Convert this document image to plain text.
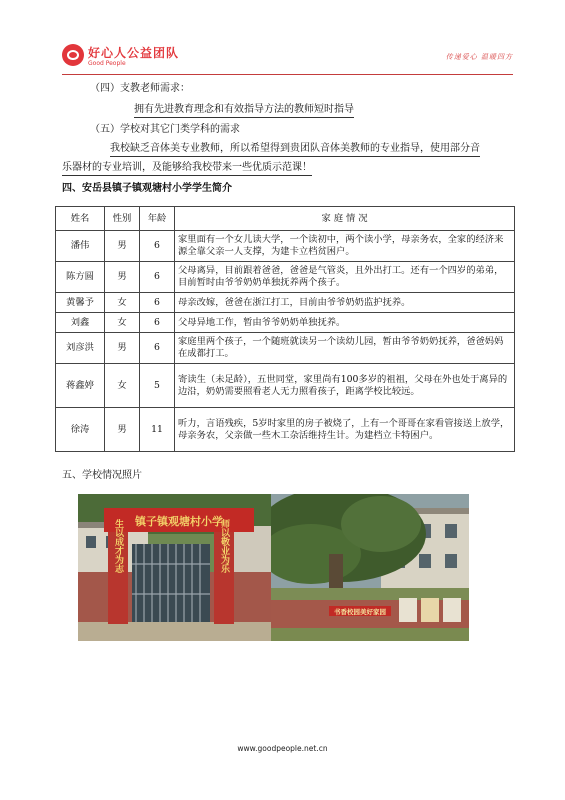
好心人公益团队
Good People
传递爱心 温暖四方
（四）支教老师需求：
拥有先进教育理念和有效指导方法的教师短时指导
（五）学校对其它门类学科的需求
我校缺乏音体美专业教师，所以希望得到贵团队音体美教师的专业指导，使用部分音
乐器材的专业培训，及能够给我校带来一些优质示范课！
四、安岳县镇子镇观塘村小学学生简介
姓名	性别	年龄	家 庭 情 况
潘伟	男	6	家里面有一个女儿读大学，一个读初中，两个读小学，母亲务农，全家的经济来源全靠父亲一人支撑，为建卡立档贫困户。
陈方圆	男	6	父母离异，目前跟着爸爸，爸爸是气管炎，且外出打工。还有一个四岁的弟弟，目前暂时由爷爷奶奶单独抚养两个孩子。
黄馨予	女	6	母亲改嫁，爸爸在浙江打工，目前由爷爷奶奶监护抚养。
刘鑫	女	6	父母异地工作，暂由爷爷奶奶单独抚养。
刘彦洪	男	6	家庭里两个孩子，一个随班就读另一个读幼儿园，暂由爷爷奶奶抚养，爸爸妈妈在成都打工。
蒋鑫婷	女	5	寄读生（未足龄），五世同堂，家里尚有100多岁的祖祖，父母在外也处于离异的边沿，奶奶需要照看老人无力照看孩子，距离学校比较远。
徐涛	男	11	听力，言语残疾，5岁时家里的房子被烧了，上有一个哥哥在家看管接送上放学，母亲务农，父亲做一些木工杂活维持生计。为建档立卡特困户。
五、学校情况照片
镇子镇观塘村小学
生以成才为志	师以敬业为乐
书香校园美好家园
www.goodpeople.net.cn
